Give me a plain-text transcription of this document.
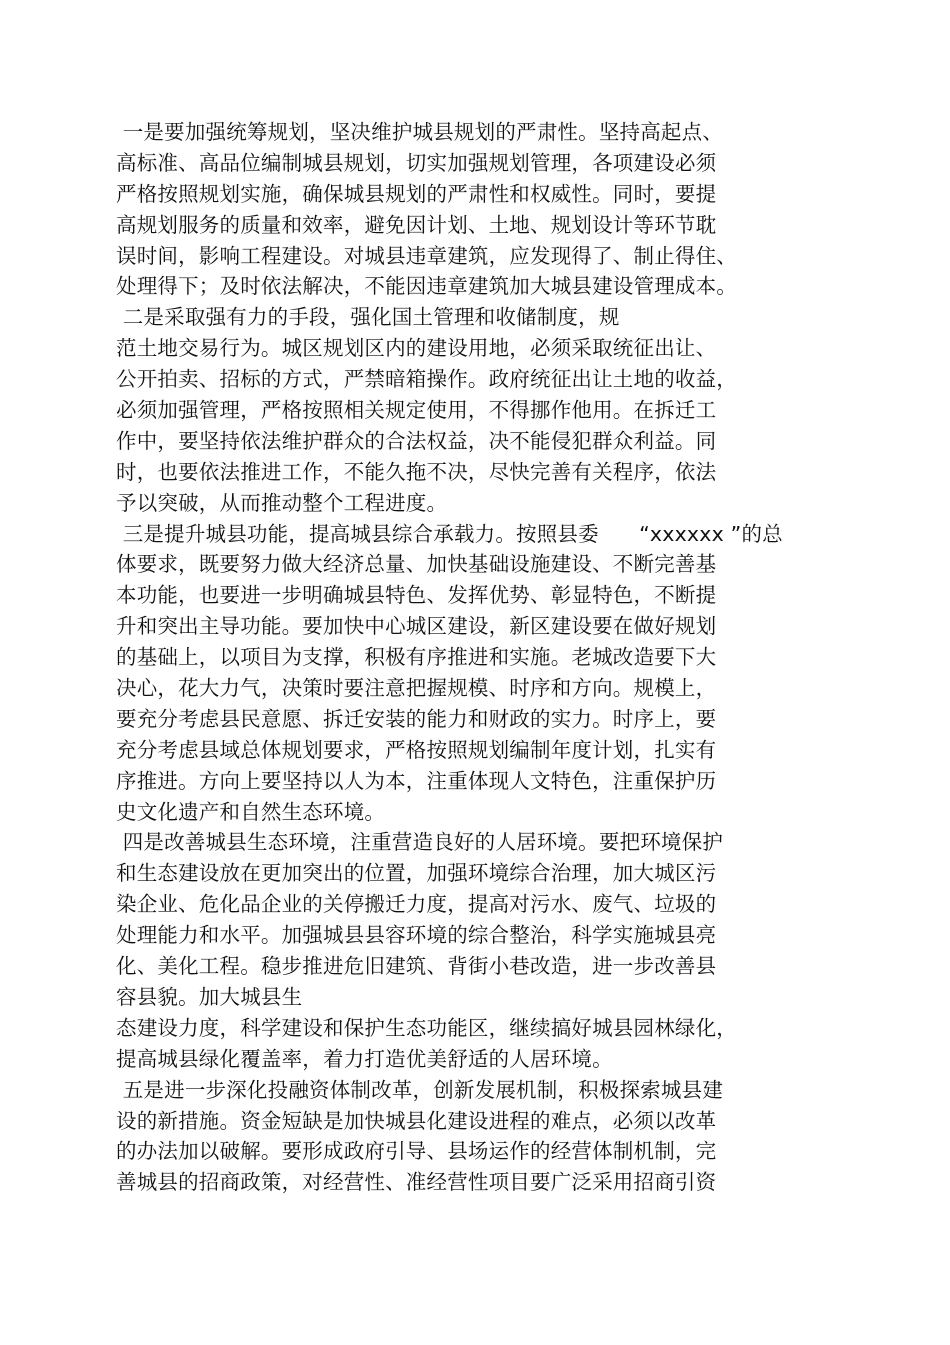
一是要加强统筹规划，坚决维护城县规划的严肃性。坚持高起点、
高标准、高品位编制城县规划，切实加强规划管理，各项建设必须
严格按照规划实施，确保城县规划的严肃性和权威性。同时，要提
高规划服务的质量和效率，避免因计划、土地、规划设计等环节耽
误时间，影响工程建设。对城县违章建筑，应发现得了、制止得住、
处理得下；及时依法解决，不能因违章建筑加大城县建设管理成本。
二是采取强有力的手段，强化国土管理和收储制度，规
范土地交易行为。城区规划区内的建设用地，必须采取统征出让、
公开拍卖、招标的方式，严禁暗箱操作。政府统征出让土地的收益，
必须加强管理，严格按照相关规定使用，不得挪作他用。在拆迁工
作中，要坚持依法维护群众的合法权益，决不能侵犯群众利益。同
时，也要依法推进工作，不能久拖不决，尽快完善有关程序，依法
予以突破，从而推动整个工程进度。
三是提升城县功能，提高城县综合承载力。按照县委      “xxxxxx ”的总
体要求，既要努力做大经济总量、加快基础设施建设、不断完善基
本功能，也要进一步明确城县特色、发挥优势、彰显特色，不断提
升和突出主导功能。要加快中心城区建设，新区建设要在做好规划
的基础上，以项目为支撑，积极有序推进和实施。老城改造要下大
决心，花大力气，决策时要注意把握规模、时序和方向。规模上，
要充分考虑县民意愿、拆迁安装的能力和财政的实力。时序上，要
充分考虑县域总体规划要求，严格按照规划编制年度计划，扎实有
序推进。方向上要坚持以人为本，注重体现人文特色，注重保护历
史文化遗产和自然生态环境。
四是改善城县生态环境，注重营造良好的人居环境。要把环境保护
和生态建设放在更加突出的位置，加强环境综合治理，加大城区污
染企业、危化品企业的关停搬迁力度，提高对污水、废气、垃圾的
处理能力和水平。加强城县县容环境的综合整治，科学实施城县亮
化、美化工程。稳步推进危旧建筑、背街小巷改造，进一步改善县
容县貌。加大城县生
态建设力度，科学建设和保护生态功能区，继续搞好城县园林绿化，
提高城县绿化覆盖率，着力打造优美舒适的人居环境。
五是进一步深化投融资体制改革，创新发展机制，积极探索城县建
设的新措施。资金短缺是加快城县化建设进程的难点，必须以改革
的办法加以破解。要形成政府引导、县场运作的经营体制机制，完
善城县的招商政策，对经营性、准经营性项目要广泛采用招商引资
